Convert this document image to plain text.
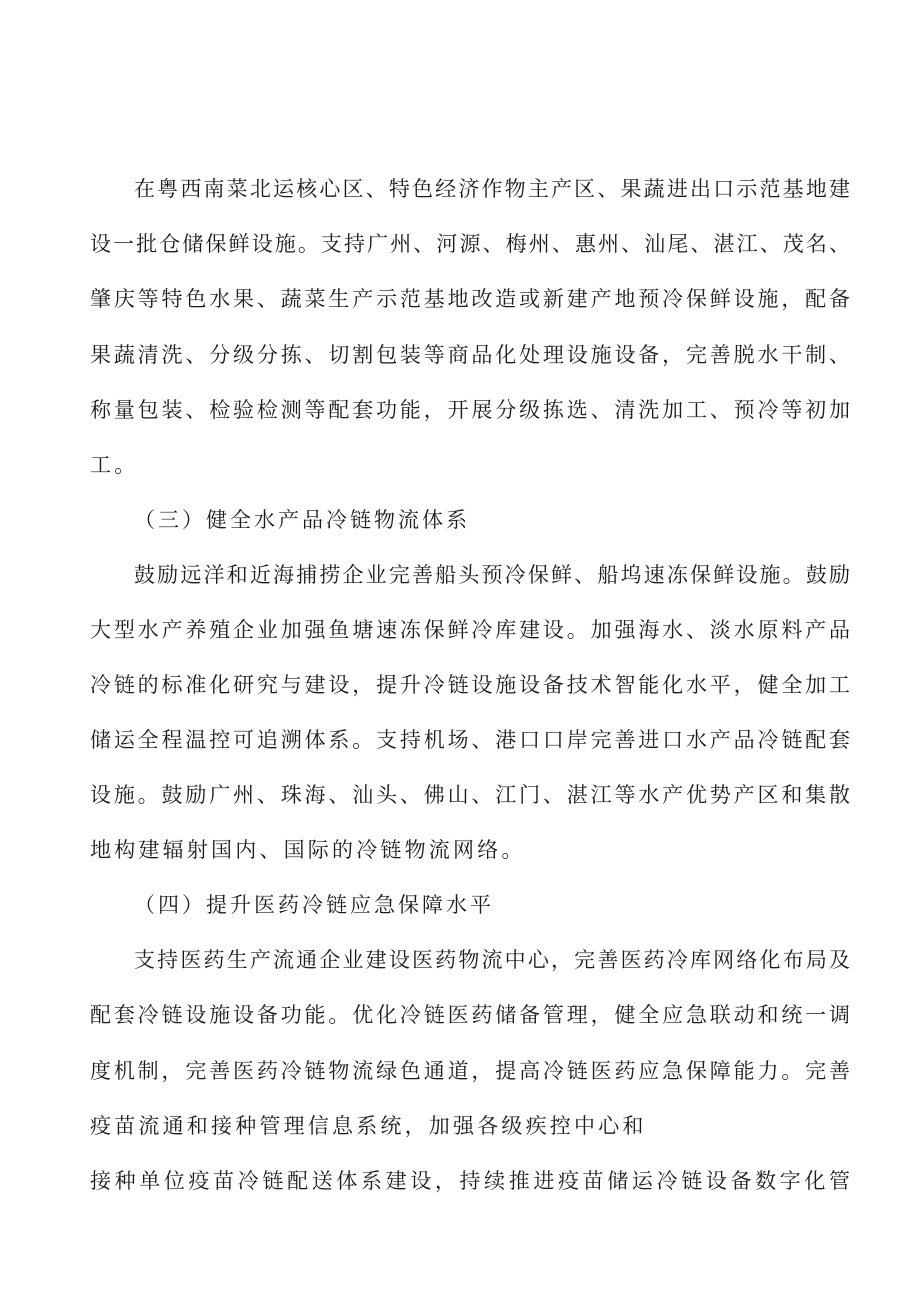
在粤西南菜北运核心区、特色经济作物主产区、果蔬进出口示范基地建
设一批仓储保鲜设施。支持广州、河源、梅州、惠州、汕尾、湛江、茂名、
肇庆等特色水果、蔬菜生产示范基地改造或新建产地预冷保鲜设施，配备
果蔬清洗、分级分拣、切割包装等商品化处理设施设备，完善脱水干制、
称量包装、检验检测等配套功能，开展分级拣选、清洗加工、预冷等初加
工。
（三）健全水产品冷链物流体系
鼓励远洋和近海捕捞企业完善船头预冷保鲜、船坞速冻保鲜设施。鼓励
大型水产养殖企业加强鱼塘速冻保鲜冷库建设。加强海水、淡水原料产品
冷链的标准化研究与建设，提升冷链设施设备技术智能化水平，健全加工
储运全程温控可追溯体系。支持机场、港口口岸完善进口水产品冷链配套
设施。鼓励广州、珠海、汕头、佛山、江门、湛江等水产优势产区和集散
地构建辐射国内、国际的冷链物流网络。
（四）提升医药冷链应急保障水平
支持医药生产流通企业建设医药物流中心，完善医药冷库网络化布局及
配套冷链设施设备功能。优化冷链医药储备管理，健全应急联动和统一调
度机制，完善医药冷链物流绿色通道，提高冷链医药应急保障能力。完善
疫苗流通和接种管理信息系统，加强各级疾控中心和
接种单位疫苗冷链配送体系建设，持续推进疫苗储运冷链设备数字化管
